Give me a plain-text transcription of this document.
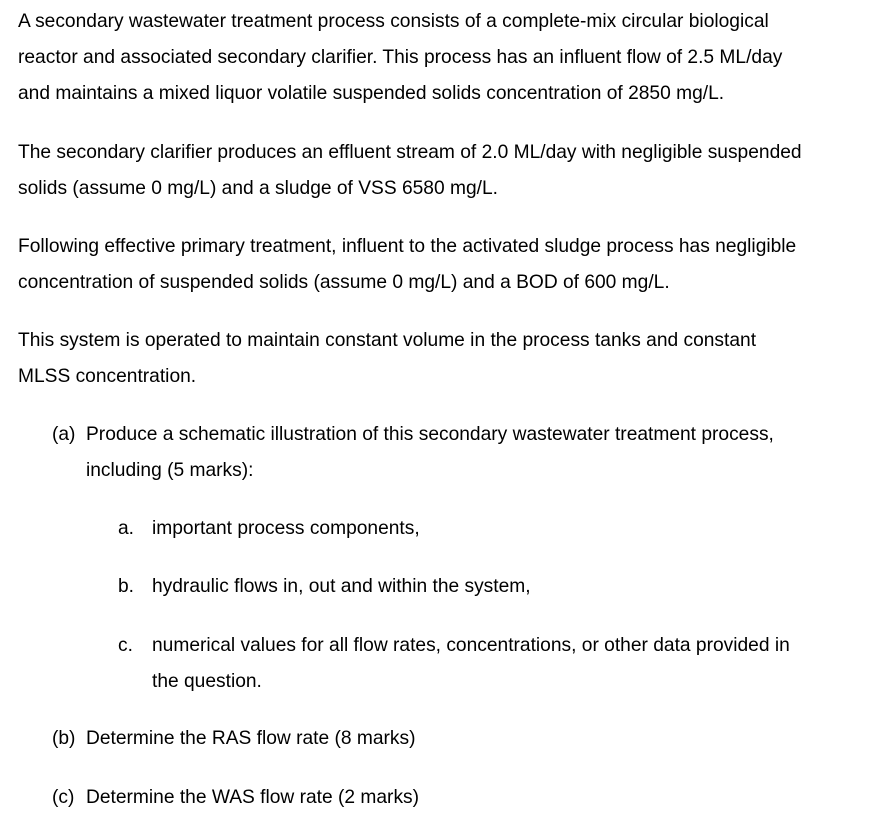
A secondary wastewater treatment process consists of a complete-mix circular biological
reactor and associated secondary clarifier. This process has an influent flow of 2.5 ML/day
and maintains a mixed liquor volatile suspended solids concentration of 2850 mg/L.
The secondary clarifier produces an effluent stream of 2.0 ML/day with negligible suspended
solids (assume 0 mg/L) and a sludge of VSS 6580 mg/L.
Following effective primary treatment, influent to the activated sludge process has negligible
concentration of suspended solids (assume 0 mg/L) and a BOD of 600 mg/L.
This system is operated to maintain constant volume in the process tanks and constant
MLSS concentration.
(a) Produce a schematic illustration of this secondary wastewater treatment process,
including (5 marks):
a. important process components,
b. hydraulic flows in, out and within the system,
c. numerical values for all flow rates, concentrations, or other data provided in
the question.
(b) Determine the RAS flow rate (8 marks)
(c) Determine the WAS flow rate (2 marks)
